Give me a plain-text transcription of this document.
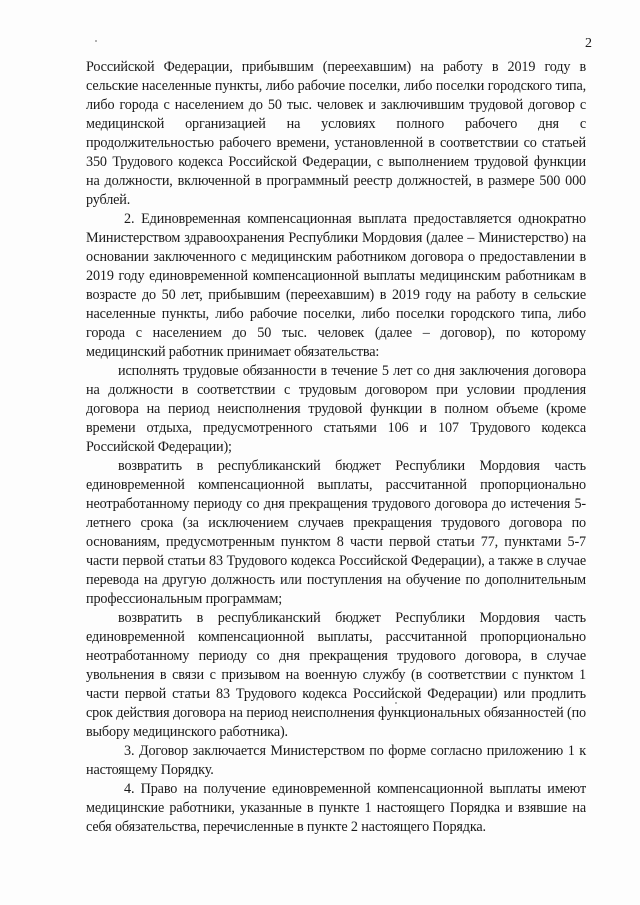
2

Российской Федерации, прибывшим (переехавшим) на работу в 2019 году в сельские населенные пункты, либо рабочие поселки, либо поселки городского типа, либо города с населением до 50 тыс. человек и заключившим трудовой договор с медицинской организацией на условиях полного рабочего дня с продолжительностью рабочего времени, установленной в соответствии со статьей 350 Трудового кодекса Российской Федерации, с выполнением трудовой функции на должности, включенной в программный реестр должностей, в размере 500 000 рублей.

2. Единовременная компенсационная выплата предоставляется однократно Министерством здравоохранения Республики Мордовия (далее – Министерство) на основании заключенного с медицинским работником договора о предоставлении в 2019 году единовременной компенсационной выплаты медицинским работникам в возрасте до 50 лет, прибывшим (переехавшим) в 2019 году на работу в сельские населенные пункты, либо рабочие поселки, либо поселки городского типа, либо города с населением до 50 тыс. человек (далее – договор), по которому медицинский работник принимает обязательства:

исполнять трудовые обязанности в течение 5 лет со дня заключения договора на должности в соответствии с трудовым договором при условии продления договора на период неисполнения трудовой функции в полном объеме (кроме времени отдыха, предусмотренного статьями 106 и 107 Трудового кодекса Российской Федерации);

возвратить в республиканский бюджет Республики Мордовия часть единовременной компенсационной выплаты, рассчитанной пропорционально неотработанному периоду со дня прекращения трудового договора до истечения 5-летнего срока (за исключением случаев прекращения трудового договора по основаниям, предусмотренным пунктом 8 части первой статьи 77, пунктами 5-7 части первой статьи 83 Трудового кодекса Российской Федерации), а также в случае перевода на другую должность или поступления на обучение по дополнительным профессиональным программам;

возвратить в республиканский бюджет Республики Мордовия часть единовременной компенсационной выплаты, рассчитанной пропорционально неотработанному периоду со дня прекращения трудового договора, в случае увольнения в связи с призывом на военную службу (в соответствии с пунктом 1 части первой статьи 83 Трудового кодекса Российской Федерации) или продлить срок действия договора на период неисполнения функциональных обязанностей (по выбору медицинского работника).

3. Договор заключается Министерством по форме согласно приложению 1 к настоящему Порядку.

4. Право на получение единовременной компенсационной выплаты имеют медицинские работники, указанные в пункте 1 настоящего Порядка и взявшие на себя обязательства, перечисленные в пункте 2 настоящего Порядка.
